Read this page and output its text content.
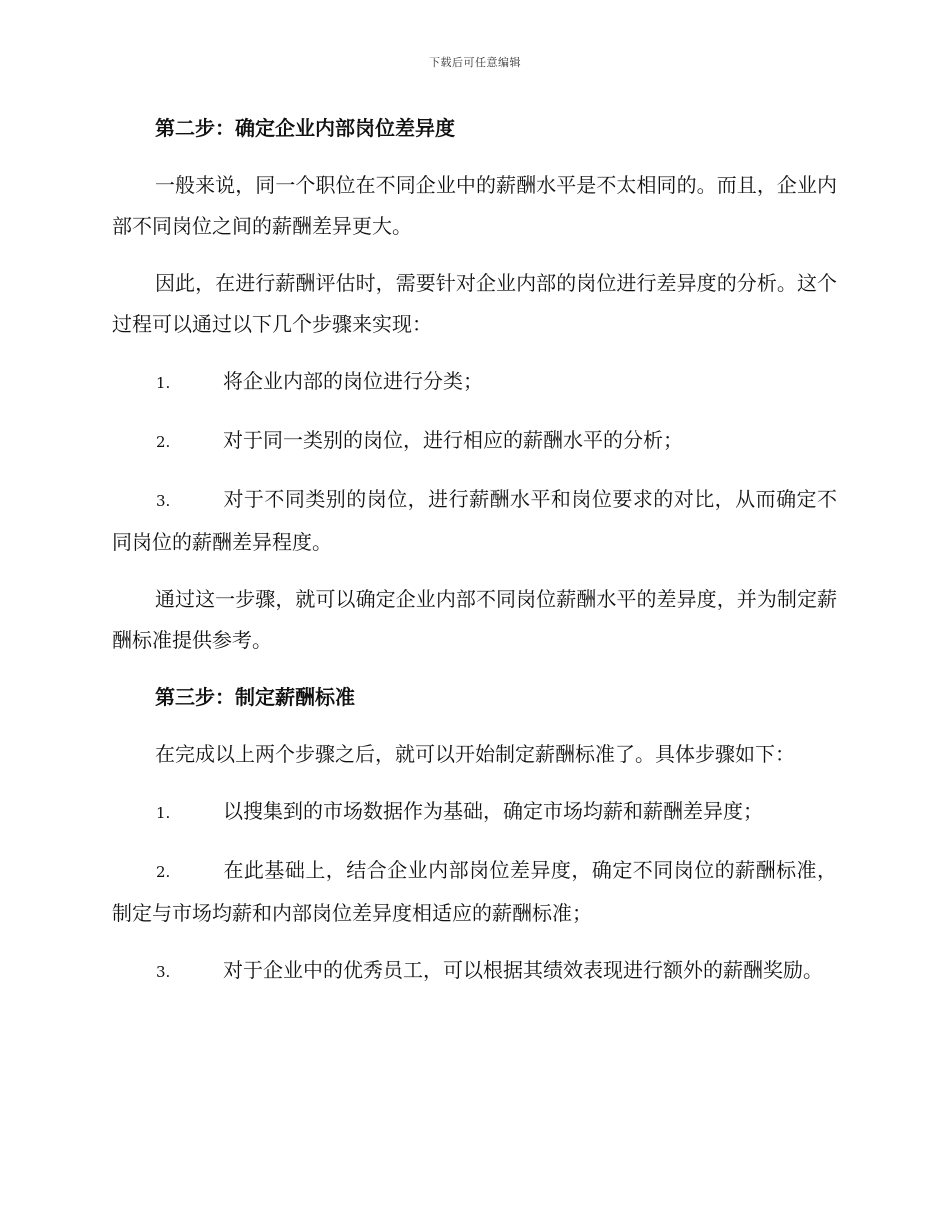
下载后可任意编辑
第二步：确定企业内部岗位差异度
一般来说，同一个职位在不同企业中的薪酬水平是不太相同的。而且，企业内部不同岗位之间的薪酬差异更大。
因此，在进行薪酬评估时，需要针对企业内部的岗位进行差异度的分析。这个过程可以通过以下几个步骤来实现：
1.	将企业内部的岗位进行分类；
2.	对于同一类别的岗位，进行相应的薪酬水平的分析；
3.	对于不同类别的岗位，进行薪酬水平和岗位要求的对比，从而确定不同岗位的薪酬差异程度。
通过这一步骤，就可以确定企业内部不同岗位薪酬水平的差异度，并为制定薪酬标准提供参考。
第三步：制定薪酬标准
在完成以上两个步骤之后，就可以开始制定薪酬标准了。具体步骤如下：
1.	以搜集到的市场数据作为基础，确定市场均薪和薪酬差异度；
2.	在此基础上，结合企业内部岗位差异度，确定不同岗位的薪酬标准，制定与市场均薪和内部岗位差异度相适应的薪酬标准；
3.	对于企业中的优秀员工，可以根据其绩效表现进行额外的薪酬奖励。
